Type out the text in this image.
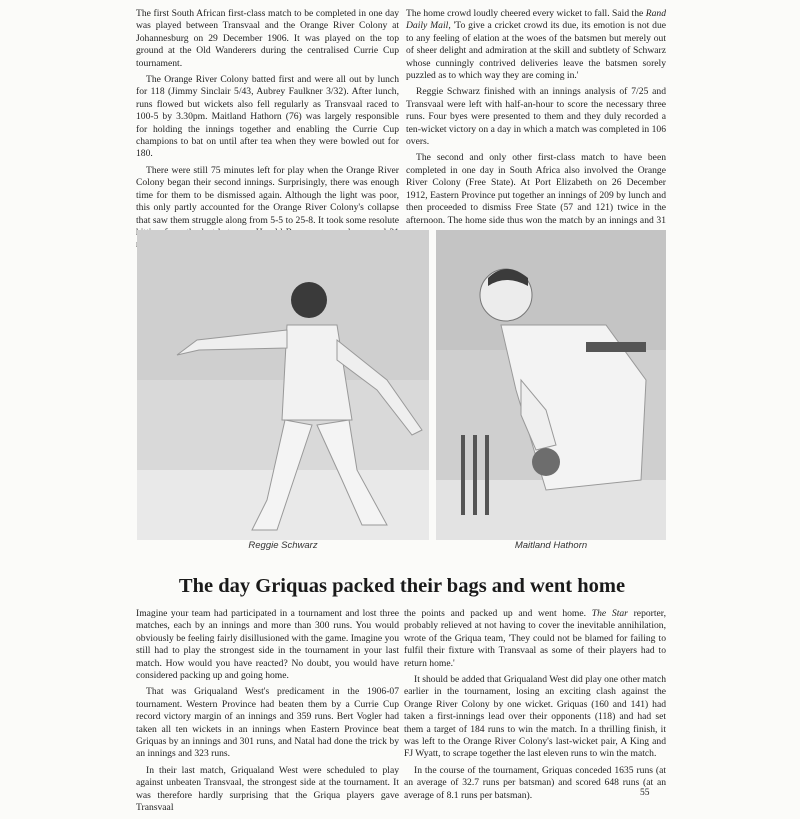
The first South African first-class match to be completed in one day was played between Transvaal and the Orange River Colony at Johannesburg on 29 December 1906. It was played on the top ground at the Old Wanderers during the centralised Currie Cup tournament.

The Orange River Colony batted first and were all out by lunch for 118 (Jimmy Sinclair 5/43, Aubrey Faulkner 3/32). After lunch, runs flowed but wickets also fell regularly as Transvaal raced to 100-5 by 3.30pm. Maitland Hathorn (76) was largely responsible for holding the innings together and enabling the Currie Cup champions to bat on until after tea when they were bowled out for 180.

There were still 75 minutes left for play when the Orange River Colony began their second innings. Surprisingly, there was enough time for them to be dismissed again. Although the light was poor, this only partly accounted for the Orange River Colony's collapse that saw them struggle along from 5-5 to 25-8. It took some resolute

The home crowd loudly cheered every wicket to fall. Said the Rand Daily Mail, 'To give a cricket crowd its due, its emotion is not due to any feeling of elation at the woes of the batsmen but merely out of sheer delight and admiration at the skill and subtlety of Schwarz whose cunningly contrived deliveries leave the batsmen sorely puzzled as to which way they are coming in.'

Reggie Schwarz finished with an innings analysis of 7/25 and Transvaal were left with half-an-hour to score the necessary three runs. Four byes were presented to them and they duly recorded a ten-wicket victory on a day in which a match was completed in 106 overs.

The second and only other first-class match to have been completed in one day in South Africa also involved the Orange River Colony (Free State). At Port Elizabeth on 26 December 1912, Eastern Province put together an innings of 209 by lunch and then proceeded to dismiss Free State (57 and 121) twice in the afternoon. The home side thus won the match by an innings and 31

Reggie Schwarz	Maitland Hathorn
The day Griquas packed their bags and went home

Imagine your team had participated in a tournament and lost three matches, each by an innings and more than 300 runs. You would obviously be feeling fairly disillusioned with the game. Imagine you still had to play the strongest side in the tournament in your last match. How would you have reacted? No doubt, you would have considered packing up and going home.

That was Griqualand West's predicament in the 1906-07 tournament. Western Province had beaten them by a Currie Cup record victory margin of an innings and 359 runs. Bert Vogler had taken all ten wickets in an innings when Eastern Province beat Griquas by an innings and 301 runs, and Natal had done the trick by an innings and 323 runs.

In their last match, Griqualand West were scheduled to play against unbeaten Transvaal, the strongest side at the tournament. It was therefore hardly surprising that the Griqua players gave Transvaal

the points and packed up and went home. The Star reporter, probably relieved at not having to cover the inevitable annihilation, wrote of the Griqua team, 'They could not be blamed for failing to fulfil their fixture with Transvaal as some of their players had to return home.'

It should be added that Griqualand West did play one other match earlier in the tournament, losing an exciting clash against the Orange River Colony by one wicket. Griquas (160 and 141) had taken a first-innings lead over their opponents (118) and had set them a target of 184 runs to win the match. In a thrilling finish, it was left to the Orange River Colony's last-wicket pair, A King and FJ Wyatt, to scrape together the last eleven runs to win the match.

In the course of the tournament, Griquas conceded 1635 runs (at an average of 32.7 runs per batsman) and scored 648 runs (at an average of 8.1 runs per batsman).	55
